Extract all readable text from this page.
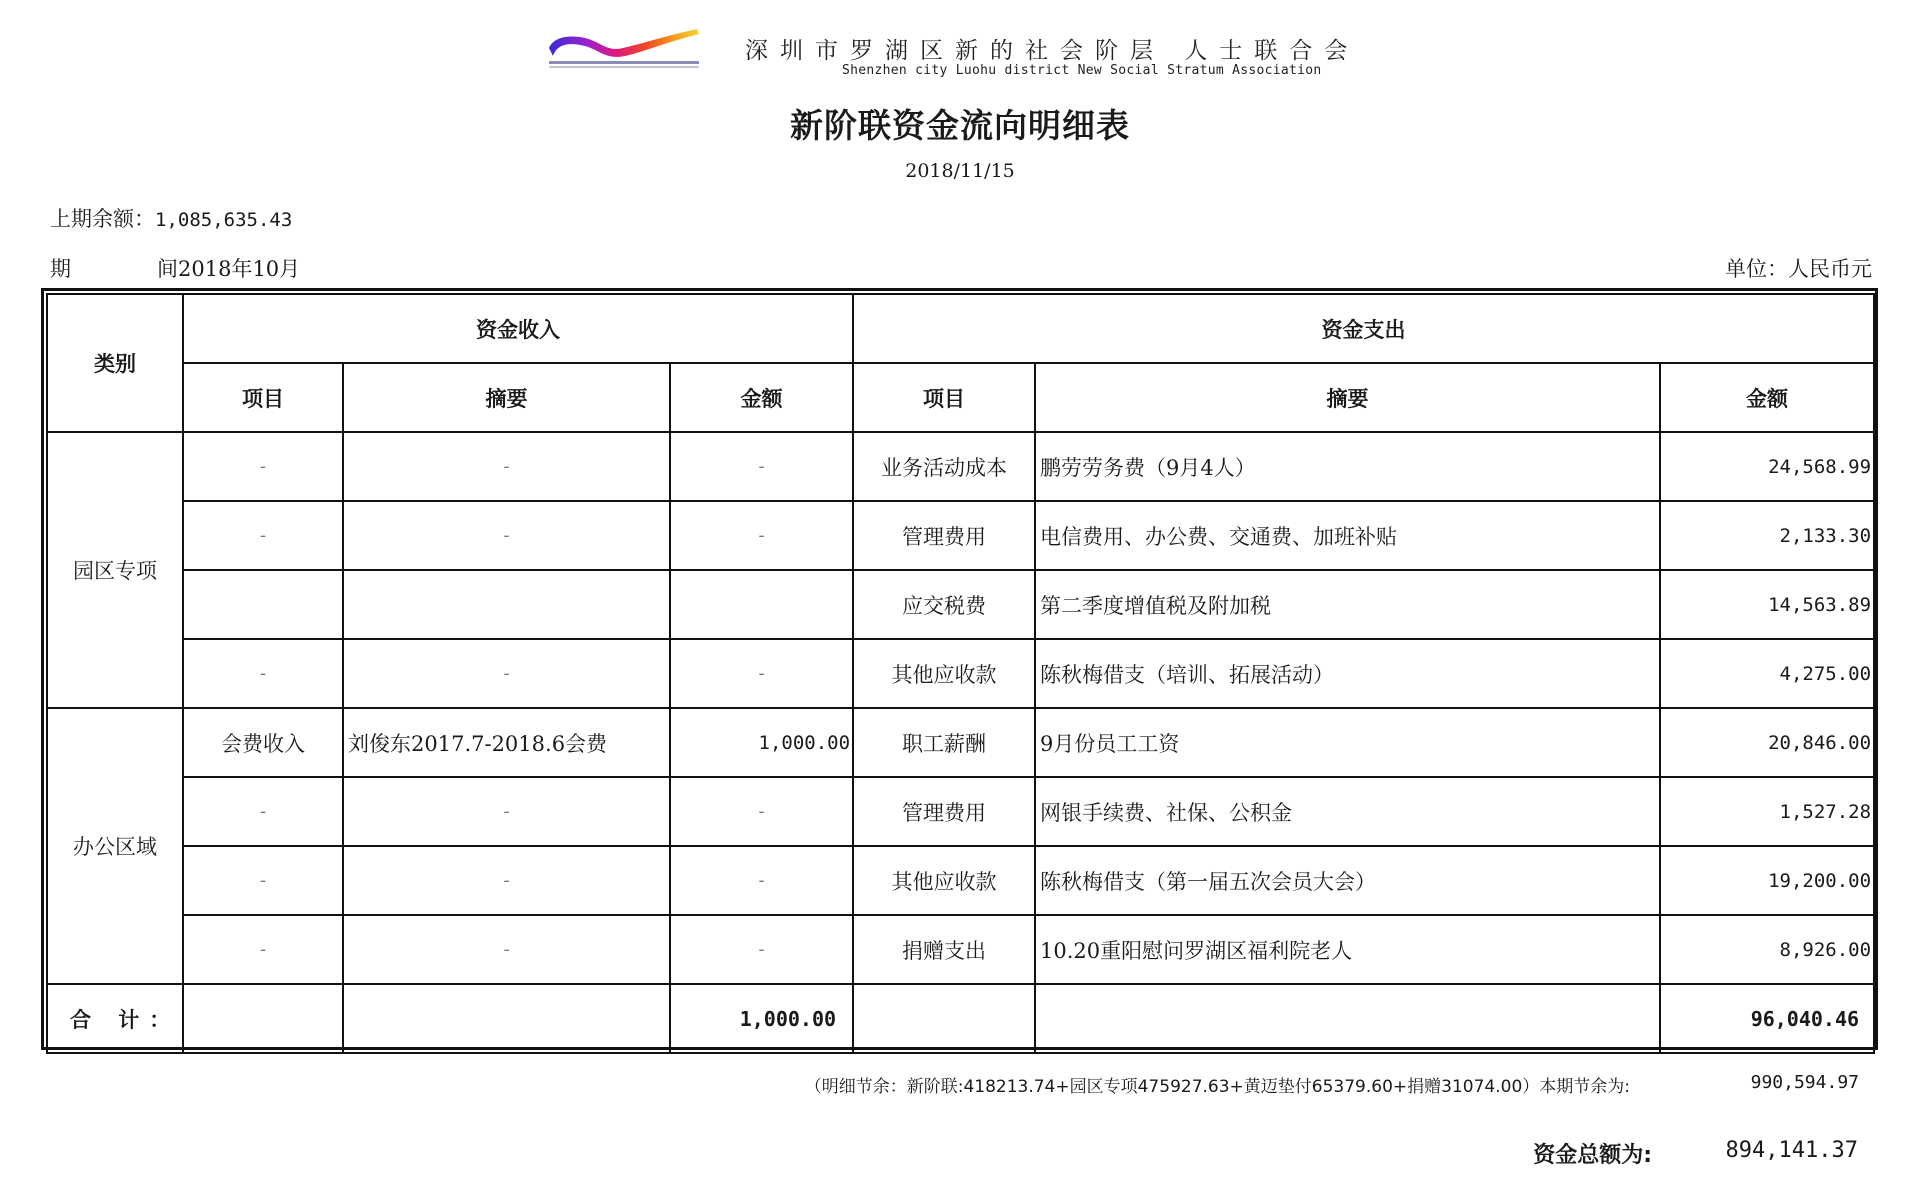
深圳市罗湖区新的社会阶层 人士联合会
Shenzhen city Luohu district New Social Stratum Association
新阶联资金流向明细表
2018/11/15
上期余额：1,085,635.43
期	间2018年10月	单位：人民币元
类别	资金收入			资金支出		
	项目	摘要	金额	项目	摘要	金额
园区专项	-	-	-	业务活动成本	鹏劳劳务费（9月4人）	24,568.99
	-	-	-	管理费用	电信费用、办公费、交通费、加班补贴	2,133.30
				应交税费	第二季度增值税及附加税	14,563.89
	-	-	-	其他应收款	陈秋梅借支（培训、拓展活动）	4,275.00
办公区域	会费收入	刘俊东2017.7-2018.6会费	1,000.00	职工薪酬	9月份员工工资	20,846.00
	-	-	-	管理费用	网银手续费、社保、公积金	1,527.28
	-	-	-	其他应收款	陈秋梅借支（第一届五次会员大会）	19,200.00
	-	-	-	捐赠支出	10.20重阳慰问罗湖区福利院老人	8,926.00
合 计：			1,000.00			96,040.46
（明细节余：新阶联:418213.74+园区专项475927.63+黄迈垫付65379.60+捐赠31074.00）本期节余为:	990,594.97
资金总额为:	894,141.37
